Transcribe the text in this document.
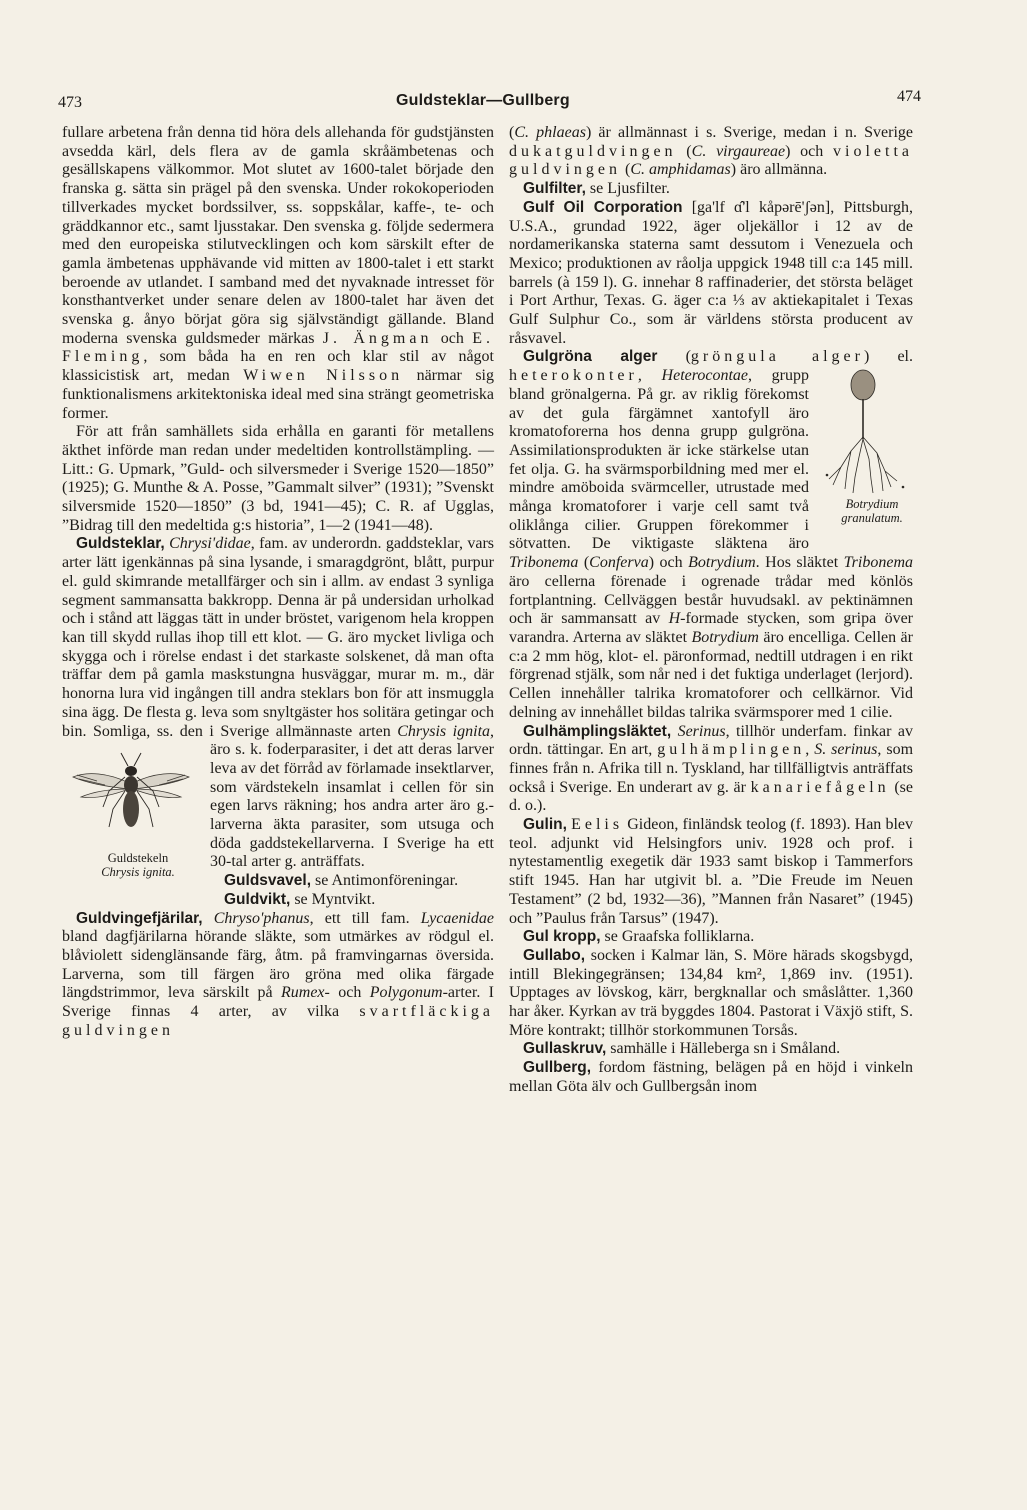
473	Guldsteklar—Gullberg	474

fullare arbetena från denna tid höra dels allehanda för gudstjänsten avsedda kärl, dels flera av de gamla skråämbetenas och gesällskapens välkommor. Mot slutet av 1600-talet började den franska g. sätta sin prägel på den svenska. Under rokokoperioden tillverkades mycket bordssilver, ss. soppskålar, kaffe-, te- och gräddkannor etc., samt ljusstakar. Den svenska g. följde sedermera med den europeiska stilutvecklingen och kom särskilt efter de gamla ämbetenas upphävande vid mitten av 1800-talet i ett starkt beroende av utlandet. I samband med det nyvaknade intresset för konsthantverket under senare delen av 1800-talet har även det svenska g. ånyo börjat göra sig självständigt gällande. Bland moderna svenska guldsmeder märkas J. Ängman och E. Fleming, som båda ha en ren och klar stil av något klassicistisk art, medan Wiwen Nilsson närmar sig funktionalismens arkitektoniska ideal med sina strängt geometriska former.

För att från samhällets sida erhålla en garanti för metallens äkthet införde man redan under medeltiden kontrollstämpling. — Litt.: G. Upmark, ”Guld- och silversmeder i Sverige 1520—1850” (1925); G. Munthe & A. Posse, ”Gammalt silver” (1931); ”Svenskt silversmide 1520—1850” (3 bd, 1941—45); C. R. af Ugglas, ”Bidrag till den medeltida g:s historia”, 1—2 (1941—48).

Guldsteklar, Chrysi'didae, fam. av underordn. gaddsteklar, vars arter lätt igenkännas på sina lysande, i smaragdgrönt, blått, purpur el. guld skimrande metallfärger och sin i allm. av endast 3 synliga segment sammansatta bakkropp. Denna är på undersidan urholkad och i stånd att läggas tätt in under bröstet, varigenom hela kroppen kan till skydd rullas ihop till ett klot. — G. äro mycket livliga och skygga och i rörelse endast i det starkaste solskenet, då man ofta träffar dem på gamla maskstungna husväggar, murar m. m., där honorna lura vid ingången till andra steklars bon för att insmuggla sina ägg. De flesta g. leva som snyltgäster hos solitära getingar och bin. Somliga, ss. den i Sverige allmännaste arten
Guldstekeln
Chrysis ignita.
Chrysis ignita, äro s. k. foderparasiter, i det att deras larver leva av det förråd av förlamade insektlarver, som värdstekeln insamlat i cellen för sin egen larvs räkning; hos andra arter äro g.-larverna äkta parasiter, som utsuga och döda gaddstekellarverna. I Sverige ha ett 30-tal arter g. anträffats.

Guldsvavel, se Antimonföreningar.

Guldvikt, se Myntvikt.

Guldvingefjärilar, Chryso'phanus, ett till fam. Lycaenidae bland dagfjärilarna hörande släkte, som utmärkes av rödgul el. blåviolett sidenglänsande färg, åtm. på framvingarnas översida. Larverna, som till färgen äro gröna med olika färgade längdstrimmor, leva särskilt på Rumex- och Polygonum-arter. I Sverige finnas 4 arter, av vilka svartfläckiga guldvingen

(C. phlaeas) är allmännast i s. Sverige, medan i n. Sverige dukatguldvingen (C. virgaureae) och violetta guldvingen (C. amphidamas) äro allmänna.

Gulfilter, se Ljusfilter.

Gulf Oil Corporation [ga'lf ɑ̂'l kåpərē'ʃən], Pittsburgh, U.S.A., grundad 1922, äger oljekällor i 12 av de nordamerikanska staterna samt dessutom i Venezuela och Mexico; produktionen av råolja uppgick 1948 till c:a 145 mill. barrels (à 159 l). G. innehar 8 raffinaderier, det största beläget i Port Arthur, Texas. G. äger c:a ⅓ av aktiekapitalet i Texas Gulf Sulphur Co., som är världens största producent av råsvavel.

Gulgröna alger (gröngula alger) el. heterokonter, Heterocontae
Botrydium
granulatum.
, grupp bland grönalgerna. På gr. av riklig förekomst av det gula färgämnet xantofyll äro kromatoforerna hos denna grupp gulgröna. Assimilationsprodukten är icke stärkelse utan fet olja. G. ha svärmsporbildning med mer el. mindre amöboida svärmceller, utrustade med många kromatoforer i varje cell samt två oliklånga cilier. Gruppen förekommer i sötvatten. De viktigaste släktena äro Tribonema (Conferva) och Botrydium. Hos släktet Tribonema äro cellerna förenade i ogrenade trådar med könlös fortplantning. Cellväggen består huvudsakl. av pektinämnen och är sammansatt av H-formade stycken, som gripa över varandra. Arterna av släktet Botrydium äro encelliga. Cellen är c:a 2 mm hög, klot- el. päronformad, nedtill utdragen i en rikt förgrenad stjälk, som når ned i det fuktiga underlaget (lerjord). Cellen innehåller talrika kromatoforer och cellkärnor. Vid delning av innehållet bildas talrika svärmsporer med 1 cilie.

Gulhämplingsläktet, Serinus, tillhör underfam. finkar av ordn. tättingar. En art, gulhämplingen, S. serinus, som finnes från n. Afrika till n. Tyskland, har tillfälligtvis anträffats också i Sverige. En underart av g. är kanariefågeln (se d. o.).

Gulin, Eelis Gideon, finländsk teolog (f. 1893). Han blev teol. adjunkt vid Helsingfors univ. 1928 och prof. i nytestamentlig exegetik där 1933 samt biskop i Tammerfors stift 1945. Han har utgivit bl. a. ”Die Freude im Neuen Testament” (2 bd, 1932—36), ”Mannen från Nasaret” (1945) och ”Paulus från Tarsus” (1947).

Gul kropp, se Graafska folliklarna.

Gullabo, socken i Kalmar län, S. Möre härads skogsbygd, intill Blekingegränsen; 134,84 km², 1,869 inv. (1951). Upptages av lövskog, kärr, bergknallar och småslåtter. 1,360 har åker. Kyrkan av trä byggdes 1804. Pastorat i Växjö stift, S. Möre kontrakt; tillhör storkommunen Torsås.

Gullaskruv, samhälle i Hälleberga sn i Småland.

Gullberg, fordom fästning, belägen på en höjd i vinkeln mellan Göta älv och Gullbergsån inom
